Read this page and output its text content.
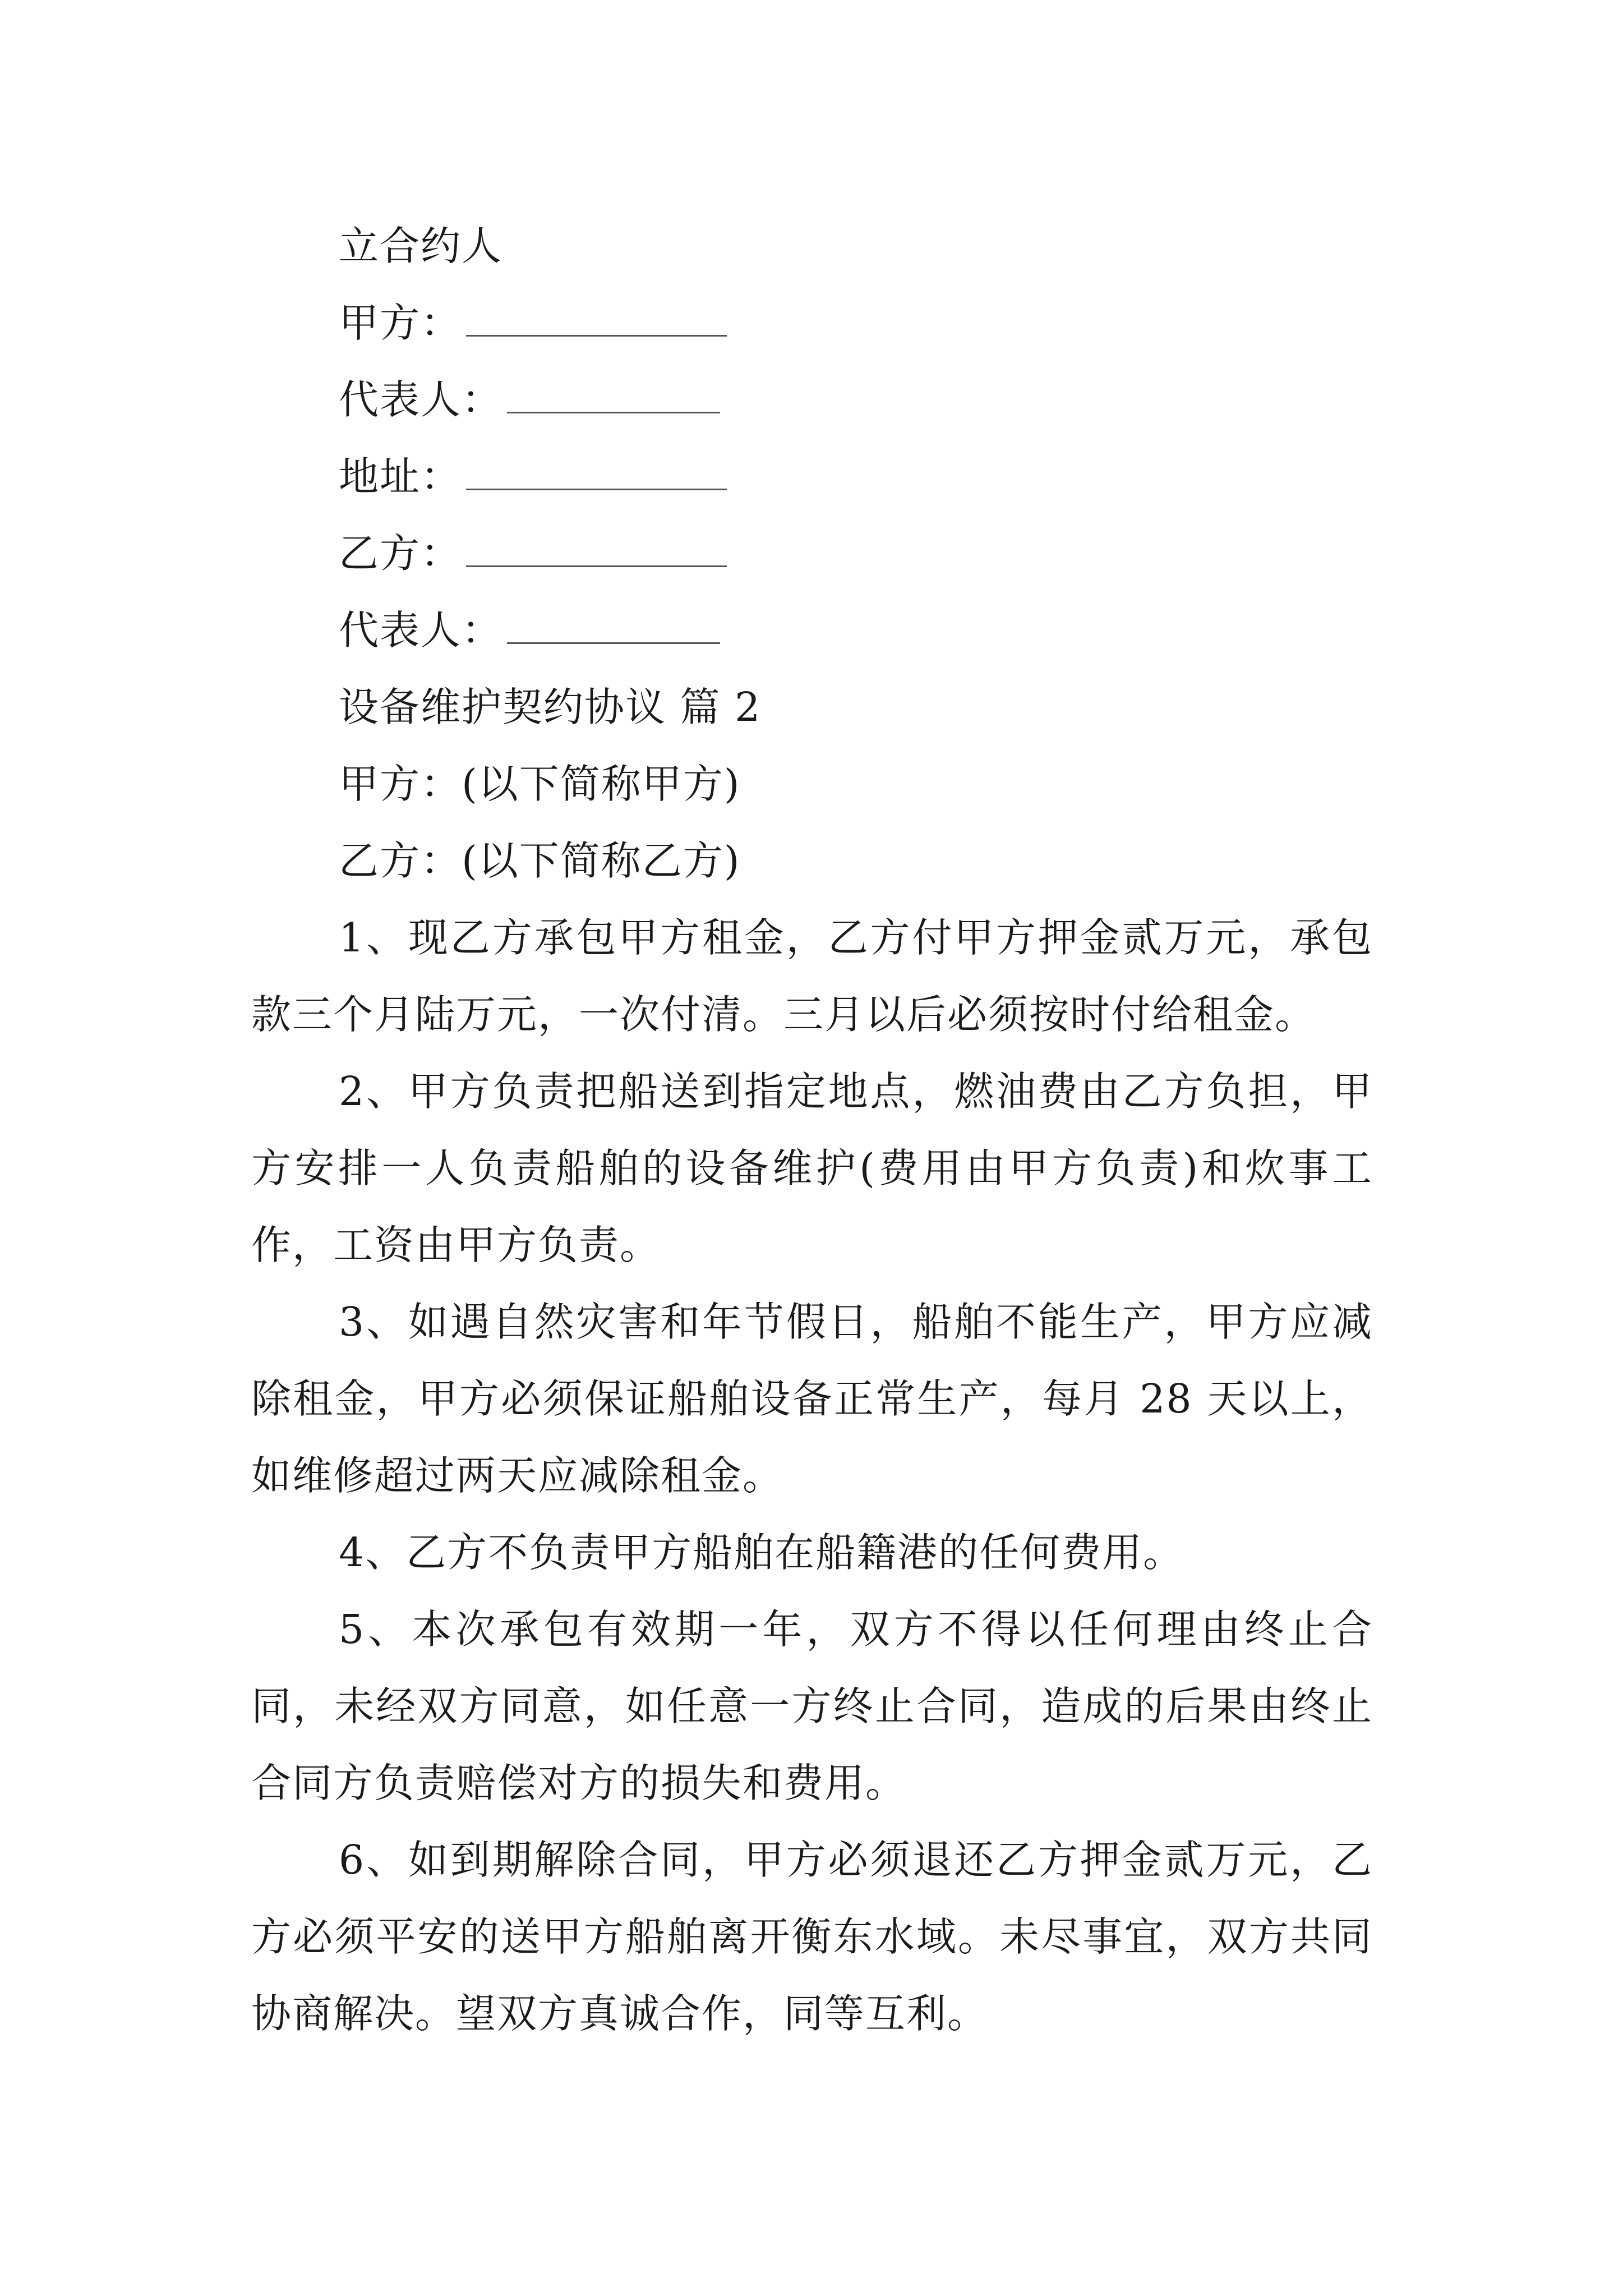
立合约人
甲方：
代表人：
地址：
乙方：
代表人：
设备维护契约协议 篇 2
甲方：(以下简称甲方)
乙方：(以下简称乙方)

1、现乙方承包甲方租金，乙方付甲方押金贰万元，承包款三个月陆万元，一次付清。三月以后必须按时付给租金。

2、甲方负责把船送到指定地点，燃油费由乙方负担，甲方安排一人负责船舶的设备维护(费用由甲方负责)和炊事工作，工资由甲方负责。

3、如遇自然灾害和年节假日，船舶不能生产，甲方应减除租金，甲方必须保证船舶设备正常生产，每月 28 天以上，如维修超过两天应减除租金。

4、乙方不负责甲方船舶在船籍港的任何费用。

5、本次承包有效期一年，双方不得以任何理由终止合同，未经双方同意，如任意一方终止合同，造成的后果由终止合同方负责赔偿对方的损失和费用。

6、如到期解除合同，甲方必须退还乙方押金贰万元，乙方必须平安的送甲方船舶离开衡东水域。未尽事宜，双方共同协商解决。望双方真诚合作，同等互利。
